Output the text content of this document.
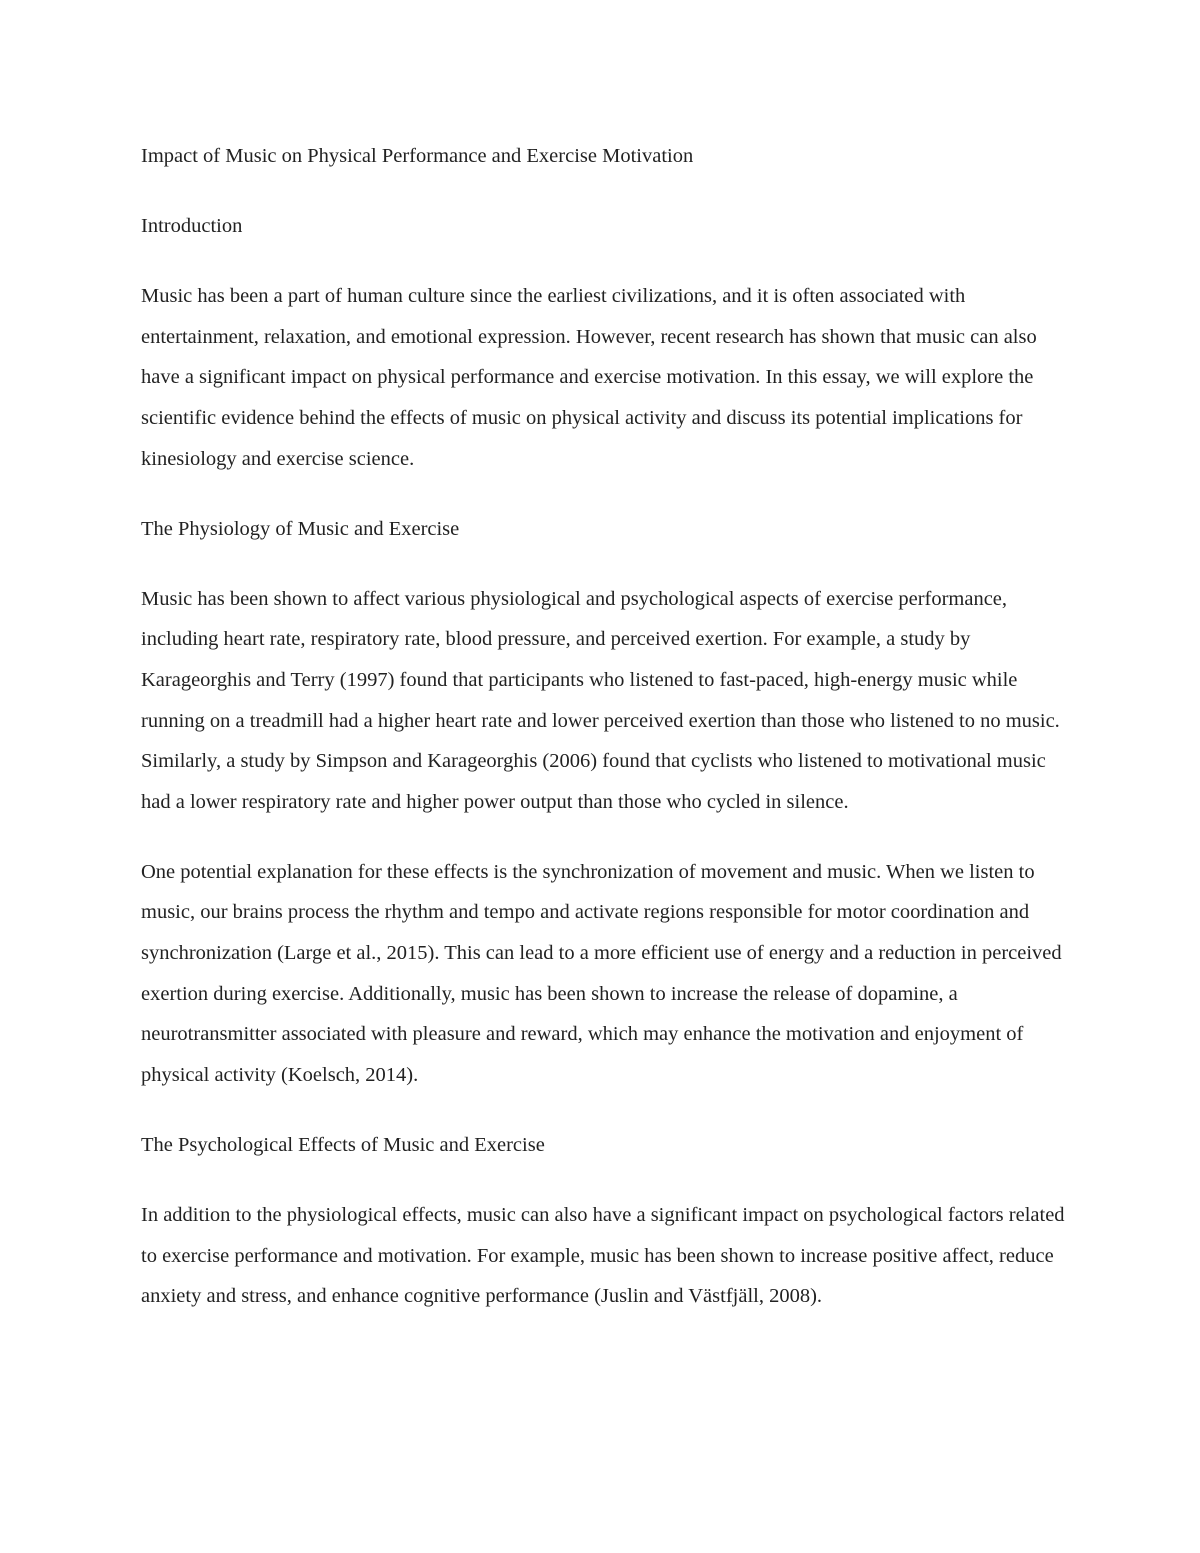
Impact of Music on Physical Performance and Exercise Motivation

Introduction

Music has been a part of human culture since the earliest civilizations, and it is often associated with entertainment, relaxation, and emotional expression. However, recent research has shown that music can also have a significant impact on physical performance and exercise motivation. In this essay, we will explore the scientific evidence behind the effects of music on physical activity and discuss its potential implications for kinesiology and exercise science.

The Physiology of Music and Exercise

Music has been shown to affect various physiological and psychological aspects of exercise performance, including heart rate, respiratory rate, blood pressure, and perceived exertion. For example, a study by Karageorghis and Terry (1997) found that participants who listened to fast-paced, high-energy music while running on a treadmill had a higher heart rate and lower perceived exertion than those who listened to no music. Similarly, a study by Simpson and Karageorghis (2006) found that cyclists who listened to motivational music had a lower respiratory rate and higher power output than those who cycled in silence.

One potential explanation for these effects is the synchronization of movement and music. When we listen to music, our brains process the rhythm and tempo and activate regions responsible for motor coordination and synchronization (Large et al., 2015). This can lead to a more efficient use of energy and a reduction in perceived exertion during exercise. Additionally, music has been shown to increase the release of dopamine, a neurotransmitter associated with pleasure and reward, which may enhance the motivation and enjoyment of physical activity (Koelsch, 2014).

The Psychological Effects of Music and Exercise

In addition to the physiological effects, music can also have a significant impact on psychological factors related to exercise performance and motivation. For example, music has been shown to increase positive affect, reduce anxiety and stress, and enhance cognitive performance (Juslin and Västfjäll, 2008).
